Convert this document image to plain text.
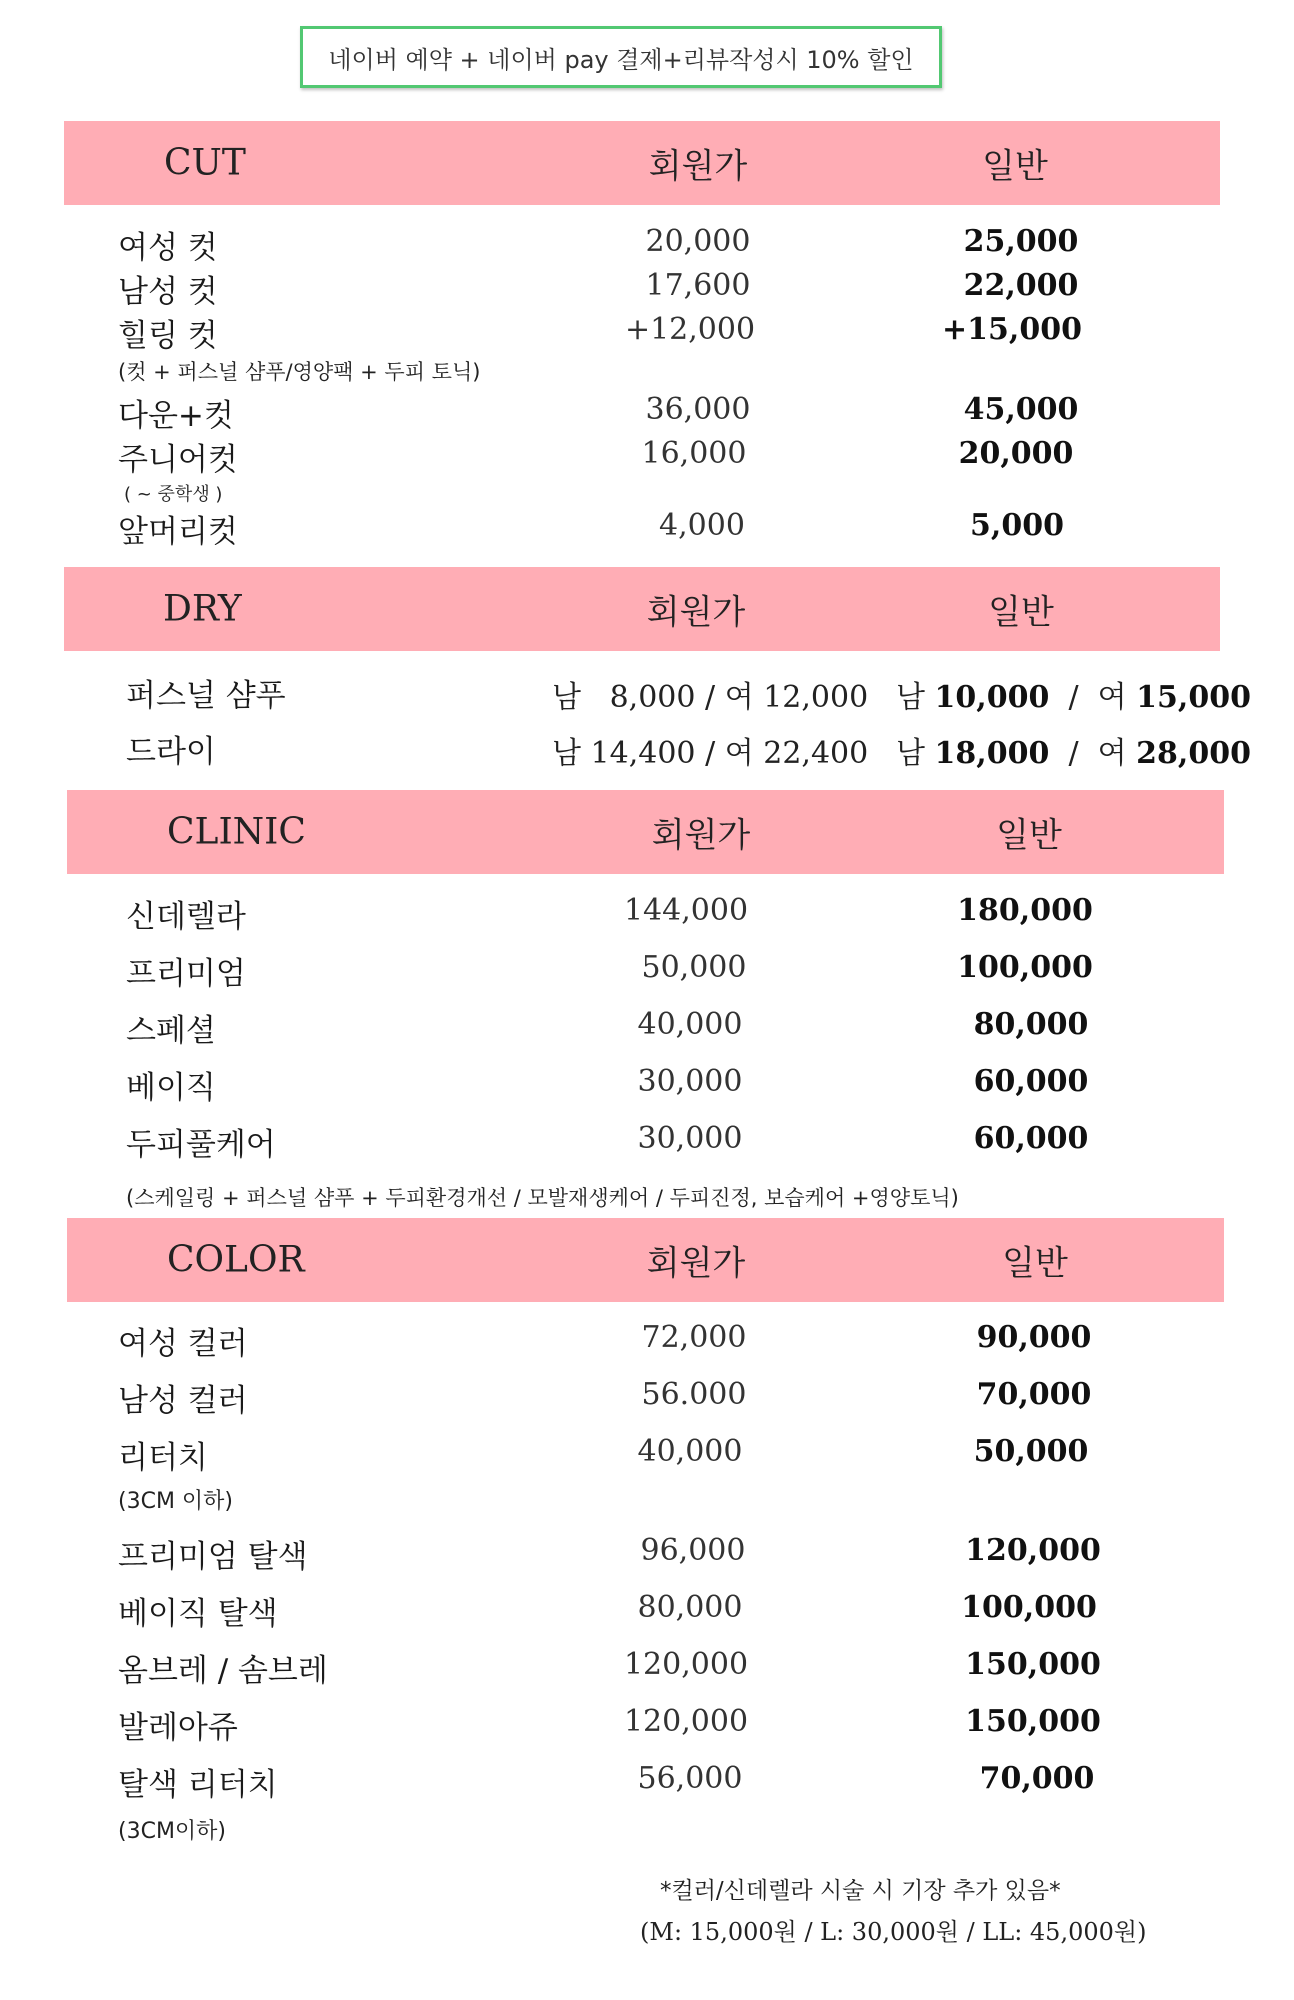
네이버 예약 + 네이버 pay 결제+리뷰작성시 10% 할인
CUT	회원가	일반
여성 컷	20,000	25,000
남성 컷	17,600	22,000
힐링 컷	+12,000	+15,000
(컷 + 퍼스널 샴푸/영양팩 + 두피 토닉)
다운+컷	36,000	45,000
주니어컷	16,000	20,000
( ~ 중학생 )
앞머리컷	4,000	5,000
DRY	회원가	일반
퍼스널 샴푸	남 8,000 / 여 12,000 남 10,000 / 여 15,000
드라이	남 14,400 / 여 22,400 남 18,000 / 여 28,000
CLINIC	회원가	일반
신데렐라	144,000	180,000
프리미엄	50,000	100,000
스페셜	40,000	80,000
베이직	30,000	60,000
두피풀케어	30,000	60,000
(스케일링 + 퍼스널 샴푸 + 두피환경개선 / 모발재생케어 / 두피진정, 보습케어 +영양토닉)
COLOR	회원가	일반
여성 컬러	72,000	90,000
남성 컬러	56.000	70,000
리터치	40,000	50,000
(3CM 이하)
프리미엄 탈색	96,000	120,000
베이직 탈색	80,000	100,000
옴브레 / 솜브레	120,000	150,000
발레아쥬	120,000	150,000
탈색 리터치	56,000	70,000
(3CM이하)
*컬러/신데렐라 시술 시 기장 추가 있음*
(M: 15,000원 / L: 30,000원 / LL: 45,000원)
